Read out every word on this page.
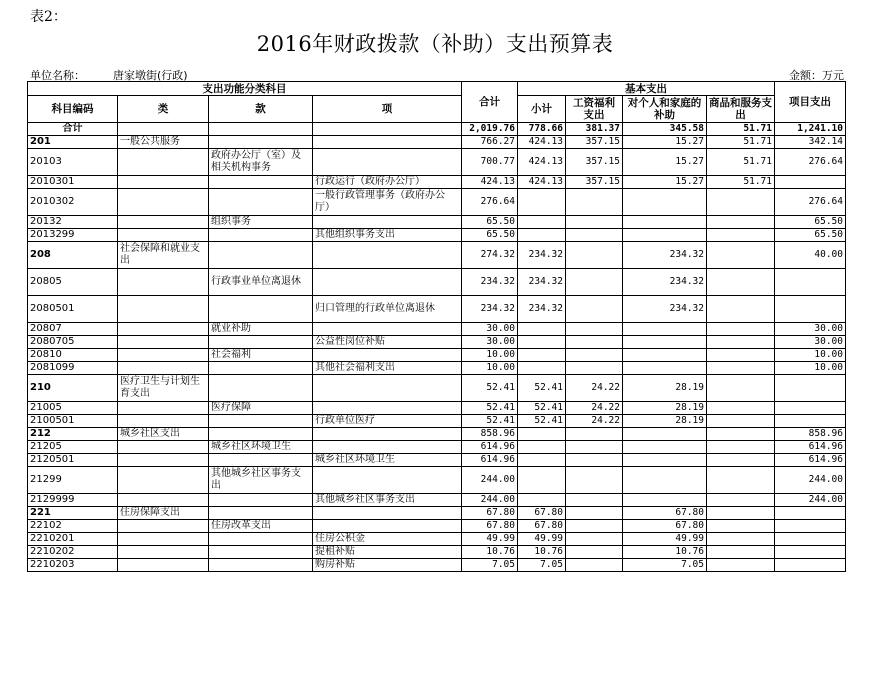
表2：
2016年财政拨款（补助）支出预算表
单位名称：	唐家墩街(行政)	金额：万元
支出功能分类科目				合计	基本支出				项目支出
科目编码	类	款	项		小计	工资福利支出	对个人和家庭的补助	商品和服务支出	

合计				2,019.76	778.66	381.37	345.58	51.71	1,241.10
201	一般公共服务			766.27	424.13	357.15	15.27	51.71	342.14
20103		政府办公厅（室）及相关机构事务		700.77	424.13	357.15	15.27	51.71	276.64
2010301			行政运行（政府办公厅）	424.13	424.13	357.15	15.27	51.71	
2010302			一般行政管理事务（政府办公厅）	276.64					276.64
20132		组织事务		65.50					65.50
2013299			其他组织事务支出	65.50					65.50
208	社会保障和就业支出			274.32	234.32		234.32		40.00
20805		行政事业单位离退休		234.32	234.32		234.32		
2080501			归口管理的行政单位离退休	234.32	234.32		234.32		
20807		就业补助		30.00					30.00
2080705			公益性岗位补贴	30.00					30.00
20810		社会福利		10.00					10.00
2081099			其他社会福利支出	10.00					10.00
210	医疗卫生与计划生育支出			52.41	52.41	24.22	28.19		
21005		医疗保障		52.41	52.41	24.22	28.19		
2100501			行政单位医疗	52.41	52.41	24.22	28.19		
212	城乡社区支出			858.96					858.96
21205		城乡社区环境卫生		614.96					614.96
2120501			城乡社区环境卫生	614.96					614.96
21299		其他城乡社区事务支出		244.00					244.00
2129999			其他城乡社区事务支出	244.00					244.00
221	住房保障支出			67.80	67.80		67.80		
22102		住房改革支出		67.80	67.80		67.80		
2210201			住房公积金	49.99	49.99		49.99		
2210202			提租补贴	10.76	10.76		10.76		
2210203			购房补贴	7.05	7.05		7.05		
